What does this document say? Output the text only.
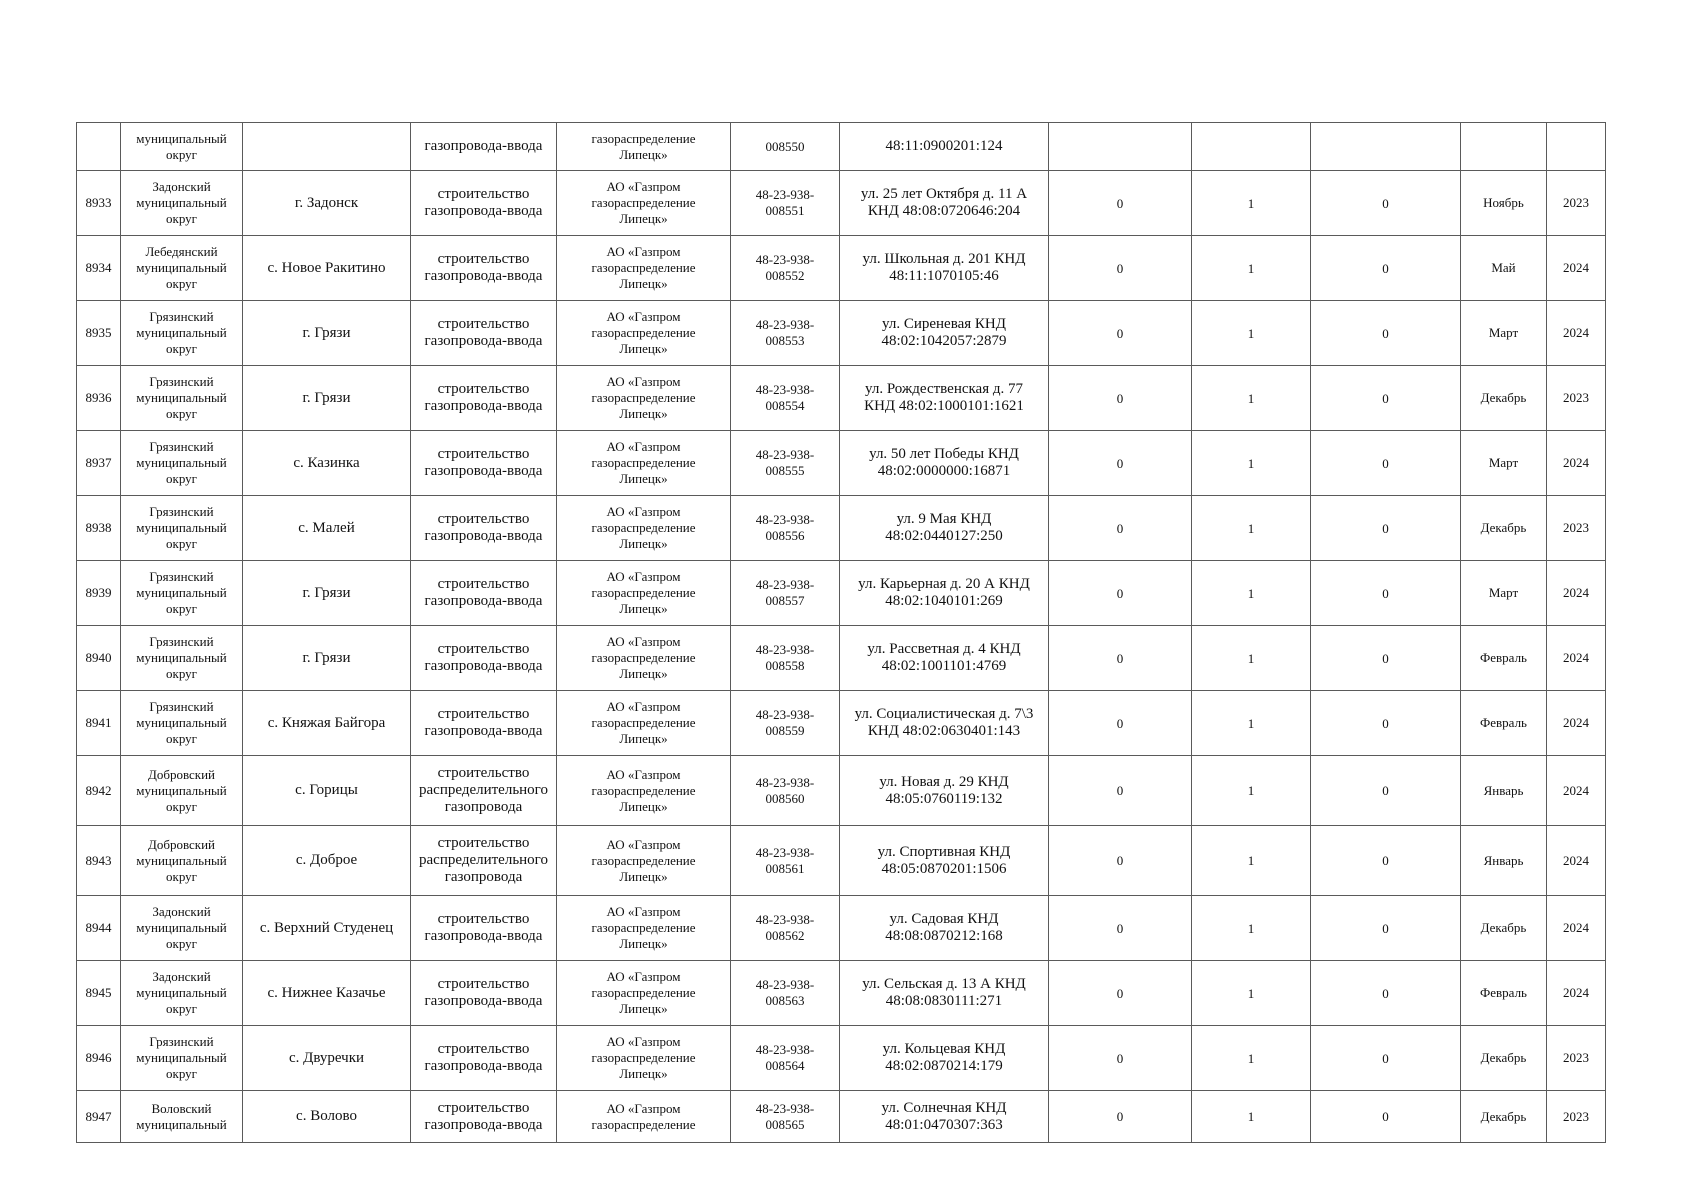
	муниципальный
округ		газопровода-ввода	газораспределение
Липецк»	008550	48:11:0900201:124					
8933	Задонский
муниципальный
округ	г. Задонск	строительство
газопровода-ввода	АО «Газпром
газораспределение
Липецк»	48-23-938-
008551	ул. 25 лет Октября д. 11 А
КНД 48:08:0720646:204	0	1	0	Ноябрь	2023
8934	Лебедянский
муниципальный
округ	с. Новое Ракитино	строительство
газопровода-ввода	АО «Газпром
газораспределение
Липецк»	48-23-938-
008552	ул. Школьная д. 201 КНД
48:11:1070105:46	0	1	0	Май	2024
8935	Грязинский
муниципальный
округ	г. Грязи	строительство
газопровода-ввода	АО «Газпром
газораспределение
Липецк»	48-23-938-
008553	ул. Сиреневая КНД
48:02:1042057:2879	0	1	0	Март	2024
8936	Грязинский
муниципальный
округ	г. Грязи	строительство
газопровода-ввода	АО «Газпром
газораспределение
Липецк»	48-23-938-
008554	ул. Рождественская д. 77
КНД 48:02:1000101:1621	0	1	0	Декабрь	2023
8937	Грязинский
муниципальный
округ	с. Казинка	строительство
газопровода-ввода	АО «Газпром
газораспределение
Липецк»	48-23-938-
008555	ул. 50 лет Победы КНД
48:02:0000000:16871	0	1	0	Март	2024
8938	Грязинский
муниципальный
округ	с. Малей	строительство
газопровода-ввода	АО «Газпром
газораспределение
Липецк»	48-23-938-
008556	ул. 9 Мая КНД
48:02:0440127:250	0	1	0	Декабрь	2023
8939	Грязинский
муниципальный
округ	г. Грязи	строительство
газопровода-ввода	АО «Газпром
газораспределение
Липецк»	48-23-938-
008557	ул. Карьерная д. 20 А КНД
48:02:1040101:269	0	1	0	Март	2024
8940	Грязинский
муниципальный
округ	г. Грязи	строительство
газопровода-ввода	АО «Газпром
газораспределение
Липецк»	48-23-938-
008558	ул. Рассветная д. 4 КНД
48:02:1001101:4769	0	1	0	Февраль	2024
8941	Грязинский
муниципальный
округ	с. Княжая Байгора	строительство
газопровода-ввода	АО «Газпром
газораспределение
Липецк»	48-23-938-
008559	ул. Социалистическая д. 7\3
КНД 48:02:0630401:143	0	1	0	Февраль	2024
8942	Добровский
муниципальный
округ	с. Горицы	строительство
распределительного
газопровода	АО «Газпром
газораспределение
Липецк»	48-23-938-
008560	ул. Новая д. 29 КНД
48:05:0760119:132	0	1	0	Январь	2024
8943	Добровский
муниципальный
округ	с. Доброе	строительство
распределительного
газопровода	АО «Газпром
газораспределение
Липецк»	48-23-938-
008561	ул. Спортивная КНД
48:05:0870201:1506	0	1	0	Январь	2024
8944	Задонский
муниципальный
округ	с. Верхний Студенец	строительство
газопровода-ввода	АО «Газпром
газораспределение
Липецк»	48-23-938-
008562	ул. Садовая КНД
48:08:0870212:168	0	1	0	Декабрь	2024
8945	Задонский
муниципальный
округ	с. Нижнее Казачье	строительство
газопровода-ввода	АО «Газпром
газораспределение
Липецк»	48-23-938-
008563	ул. Сельская д. 13 А КНД
48:08:0830111:271	0	1	0	Февраль	2024
8946	Грязинский
муниципальный
округ	с. Двуречки	строительство
газопровода-ввода	АО «Газпром
газораспределение
Липецк»	48-23-938-
008564	ул. Кольцевая КНД
48:02:0870214:179	0	1	0	Декабрь	2023
8947	Воловский
муниципальный	с. Волово	строительство
газопровода-ввода	АО «Газпром
газораспределение	48-23-938-
008565	ул. Солнечная КНД
48:01:0470307:363	0	1	0	Декабрь	2023
